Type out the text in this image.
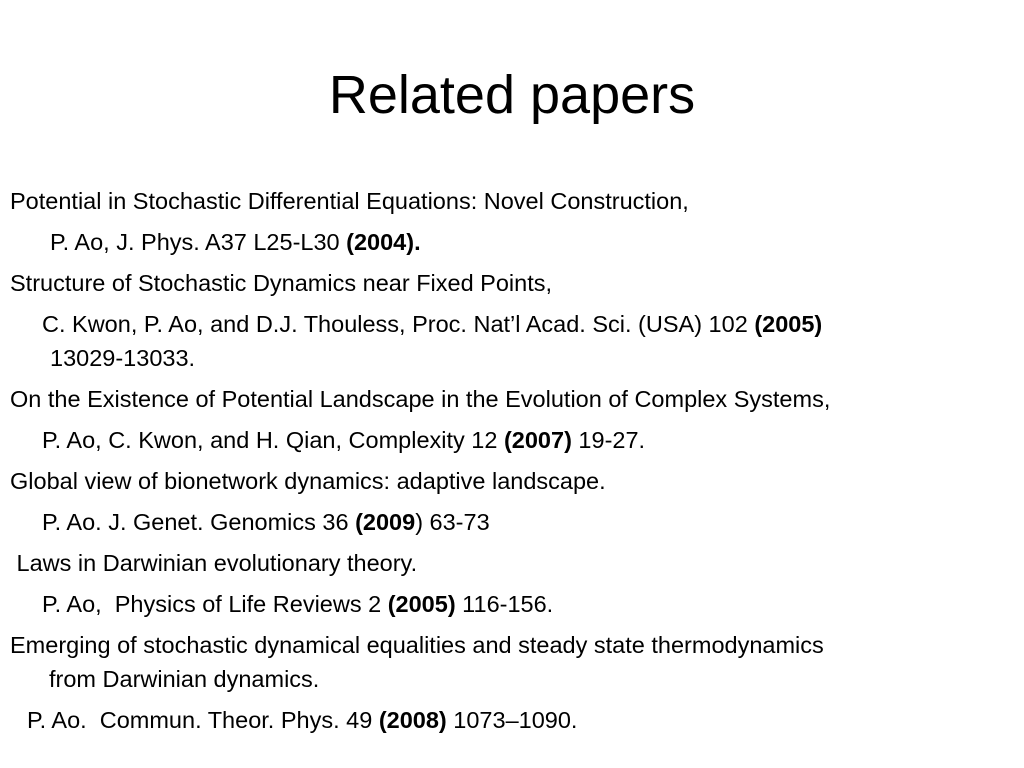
Related papers
Potential in Stochastic Differential Equations: Novel Construction,
P. Ao, J. Phys. A37 L25-L30 (2004).
Structure of Stochastic Dynamics near Fixed Points,
C. Kwon, P. Ao, and D.J. Thouless, Proc. Nat’l Acad. Sci. (USA) 102 (2005)
13029-13033.
On the Existence of Potential Landscape in the Evolution of Complex Systems,
P. Ao, C. Kwon, and H. Qian, Complexity 12 (2007) 19-27.
Global view of bionetwork dynamics: adaptive landscape.
P. Ao. J. Genet. Genomics 36 (2009) 63-73
Laws in Darwinian evolutionary theory.
P. Ao,  Physics of Life Reviews 2 (2005) 116-156.
Emerging of stochastic dynamical equalities and steady state thermodynamics
from Darwinian dynamics.
P. Ao.  Commun. Theor. Phys. 49 (2008) 1073–1090.
